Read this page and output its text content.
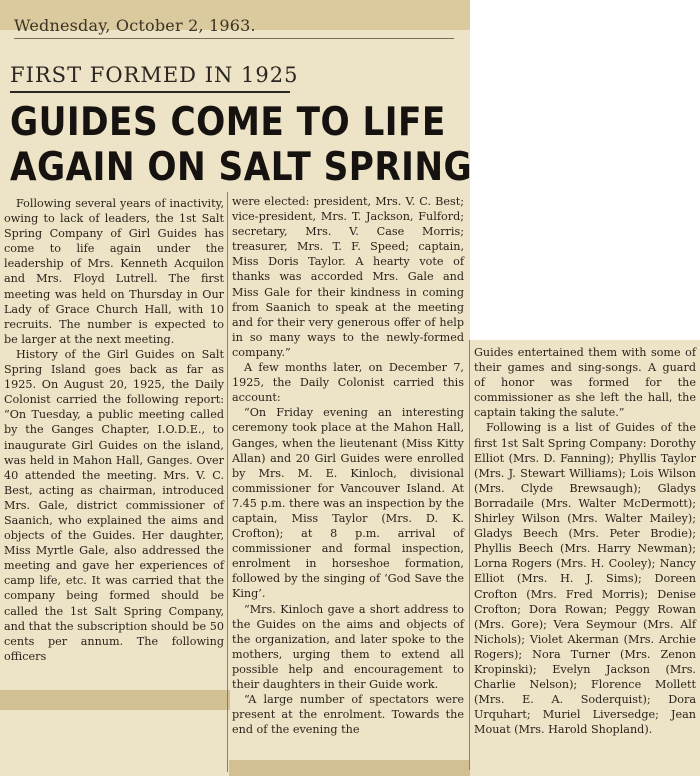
Wednesday, October 2, 1963.
FIRST FORMED IN 1925
GUIDES COME TO LIFE
AGAIN ON SALT SPRING

Following several years of inactivity, owing to lack of leaders, the 1st Salt Spring Company of Girl Guides has come to life again under the leadership of Mrs. Kenneth Acquilon and Mrs. Floyd Lutrell. The first meeting was held on Thursday in Our Lady of Grace Church Hall, with 10 recruits. The number is expected to be larger at the next meeting.

History of the Girl Guides on Salt Spring Island goes back as far as 1925. On August 20, 1925, the Daily Colonist carried the following report: “On Tuesday, a public meeting called by the Ganges Chapter, I.O.D.E., to inaugurate Girl Guides on the island, was held in Mahon Hall, Ganges. Over 40 attended the meeting. Mrs. V. C. Best, acting as chairman, introduced Mrs. Gale, district commissioner of Saanich, who explained the aims and objects of the Guides. Her daughter, Miss Myrtle Gale, also addressed the meeting and gave her experiences of camp life, etc. It was carried that the company being formed should be called the 1st Salt Spring Company, and that the subscription should be 50 cents per annum. The following officers

were elected: president, Mrs. V. C. Best; vice-president, Mrs. T. Jackson, Fulford; secretary, Mrs. V. Case Morris; treasurer, Mrs. T. F. Speed; captain, Miss Doris Taylor. A hearty vote of thanks was accorded Mrs. Gale and Miss Gale for their kindness in coming from Saanich to speak at the meeting and for their very generous offer of help in so many ways to the newly-formed company.”

A few months later, on December 7, 1925, the Daily Colonist carried this account:

“On Friday evening an interesting ceremony took place at the Mahon Hall, Ganges, when the lieutenant (Miss Kitty Allan) and 20 Girl Guides were enrolled by Mrs. M. E. Kinloch, divisional commissioner for Vancouver Island. At 7.45 p.m. there was an inspection by the captain, Miss Taylor (Mrs. D. K. Crofton); at 8 p.m. arrival of commissioner and formal inspection, enrolment in horseshoe formation, followed by the singing of ‘God Save the King’.

“Mrs. Kinloch gave a short address to the Guides on the aims and objects of the organization, and later spoke to the mothers, urging them to extend all possible help and encouragement to their daughters in their Guide work.

“A large number of spectators were present at the enrolment. Towards the end of the evening the

Guides entertained them with some of their games and sing-songs. A guard of honor was formed for the commissioner as she left the hall, the captain taking the salute.”

Following is a list of Guides of the first 1st Salt Spring Company: Dorothy Elliot (Mrs. D. Fanning); Phyllis Taylor (Mrs. J. Stewart Williams); Lois Wilson (Mrs. Clyde Brewsaugh); Gladys Borradaile (Mrs. Walter McDermott); Shirley Wilson (Mrs. Walter Mailey); Gladys Beech (Mrs. Peter Brodie); Phyllis Beech (Mrs. Harry Newman); Lorna Rogers (Mrs. H. Cooley); Nancy Elliot (Mrs. H. J. Sims); Doreen Crofton (Mrs. Fred Morris); Denise Crofton; Dora Rowan; Peggy Rowan (Mrs. Gore); Vera Seymour (Mrs. Alf Nichols); Violet Akerman (Mrs. Archie Rogers); Nora Turner (Mrs. Zenon Kropinski); Evelyn Jackson (Mrs. Charlie Nelson); Florence Mollett (Mrs. E. A. Soderquist); Dora Urquhart; Muriel Liversedge; Jean Mouat (Mrs. Harold Shopland).
